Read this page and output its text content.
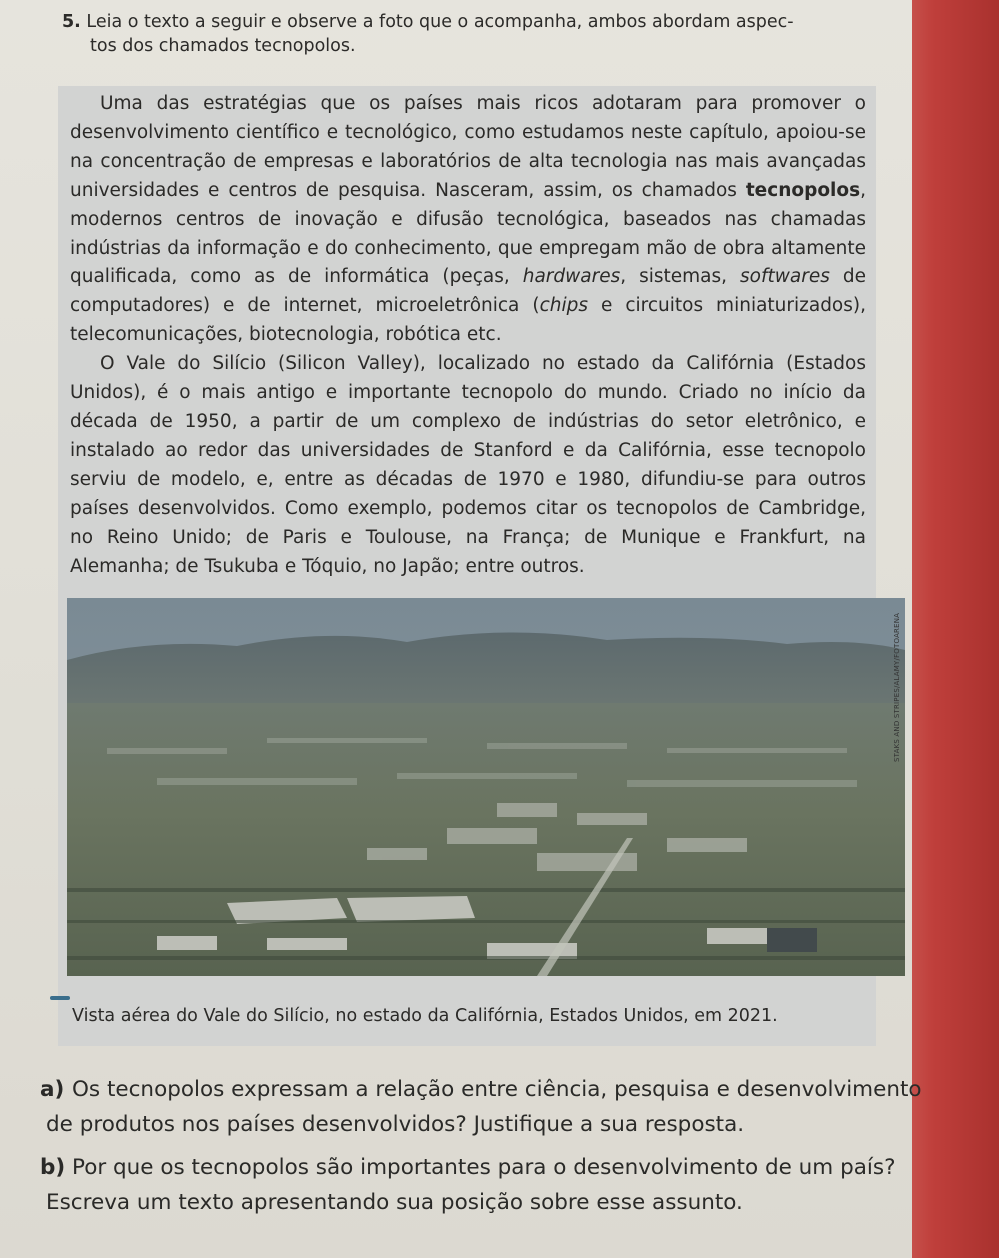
5. Leia o texto a seguir e observe a foto que o acompanha, ambos abordam aspec-
tos dos chamados tecnopolos.

Uma das estratégias que os países mais ricos adotaram para promover o desenvolvimento científico e tecnológico, como estudamos neste capítulo, apoiou-se na concentração de empresas e laboratórios de alta tecnologia nas mais avançadas universidades e centros de pesquisa. Nasceram, assim, os chamados tecnopolos, modernos centros de inovação e difusão tecnológica, baseados nas chamadas indústrias da informação e do conhecimento, que empregam mão de obra altamente qualificada, como as de informática (peças, hardwares, sistemas, softwares de computadores) e de internet, microeletrônica (chips e circuitos miniaturizados), telecomunicações, biotecnologia, robótica etc.

O Vale do Silício (Silicon Valley), localizado no estado da Califórnia (Estados Unidos), é o mais antigo e importante tecnopolo do mundo. Criado no início da década de 1950, a partir de um complexo de indústrias do setor eletrônico, e instalado ao redor das universidades de Stanford e da Califórnia, esse tecnopolo serviu de modelo, e, entre as décadas de 1970 e 1980, difundiu-se para outros países desenvolvidos. Como exemplo, podemos citar os tecnopolos de Cambridge, no Reino Unido; de Paris e Toulouse, na França; de Munique e Frankfurt, na Alemanha; de Tsukuba e Tóquio, no Japão; entre outros.

STAKS AND STRIPES/ALAMY/FOTOARENA
Vista aérea do Vale do Silício, no estado da Califórnia, Estados Unidos, em 2021.
a) Os tecnopolos expressam a relação entre ciência, pesquisa e desenvolvimento
de produtos nos países desenvolvidos? Justifique a sua resposta.
b) Por que os tecnopolos são importantes para o desenvolvimento de um país?
Escreva um texto apresentando sua posição sobre esse assunto.
